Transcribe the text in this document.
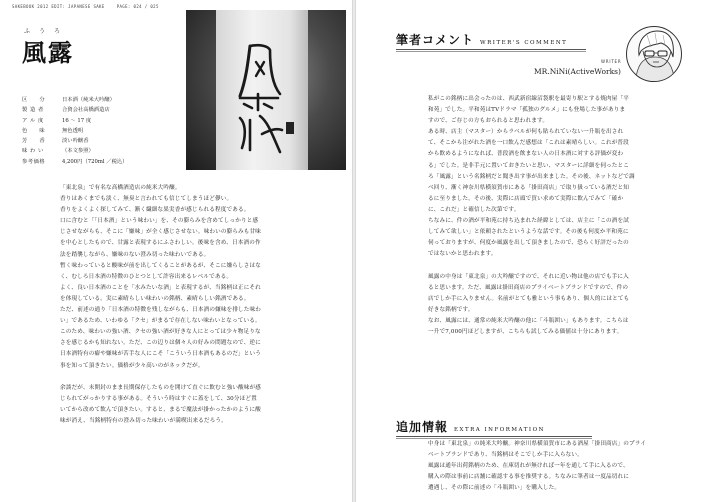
SAKEBOOK 2012 EDIT: JAPANESE SAKE	PAGE: 024 / 025
ふうろ
風露
区　分	日本酒（純米大吟醸）
製 造 者	合資会社高橋酒造店
ア ル 度	16 ～ 17 度
色　味	無色透明
芳　香	淡い吟醸香
味 わ い	（本文参照）
参考価格	4,200円（720ml ／税込）

「東北泉」で有名な高橋酒造店の純米大吟醸。

香りはあくまでも淡く、無臭と言われても信じてしまうほど儚い。

香りをよくよく探してみて、漸く繊細な果実香が感じられる程度である。

口に含むと「「日本酒」という味わい」を、その膨らみを含めてしっかりと感

じさせながらも、そこに「嫌味」が全く感じさせない。味わいの膨らみも甘味

を中心としたもので、甘露と表現するにふさわしい。後味を含め、日本酒の作

法を踏襲しながら、嫌味のない澄み切った味わいである。

暫く味わっていると酸味が前を出してくることがあるが、そこに嫌らしさはな

く、むしろ日本酒の特徴のひとつとして許容出来るレベルである。

よく、良い日本酒のことを「水みたいな酒」と表現するが、当銘柄は正にそれ

を体現している。実に素晴らしい味わいの銘柄、素晴らしい銘酒である。

ただ、前述の通り「日本酒の特徴を残しながらも、日本酒の嫌味を排した味わ

い」であるため、いわゆる「クセ」がまるで存在しない味わいとなっている。

このため、味わいの強い酒、クセの強い酒が好きな人にとっては少々物足りな

さを感じるかも知れない。ただ、この辺りは個々人の好みの問題なので、逆に

日本酒特有の癖や嫌味が苦手な人にこそ「こういう日本酒もあるのだ」という

事を知って頂きたい。価格が少々高いのがネックだが。

余談だが、未開封のまま長期保存したものを開けて直ぐに飲むと強い酸味が感

じられてがっかりする事がある。そういう時はすぐに蓋をして、30分ほど置

いてから改めて飲んで頂きたい。すると、まるで魔法が掛かったかのように酸

味が消え、当銘柄特有の澄み切った味わいが満喫出来るだろう。

筆者コメント WRITER'S COMMENT
WRITER
MR.NiNi(ActiveWorks)

私がこの銘柄に出会ったのは、西武新宿線沼袋駅を最寄り駅とする焼肉屋「平

和苑」でした。平和苑はTVドラマ「孤独のグルメ」にも登場した事がありま

すので、ご存じの方もおられると思われます。

ある時、店主（マスター）からラベルが何も貼られていない一升瓶を出され

て、そこから注がれた酒を一口飲んだ感想は「これは素晴らしい。これが普段

から飲めるようになれば、普段酒を飲まない人の日本酒に対する評価が変わ

る」でした。是非手元に置いておきたいと思い、マスターに詳細を伺ったとこ

ろ「風露」という名銘柄だと聞き出す事が出来ました。その後、ネットなどで調

べ回り、漸く神奈川県横須賀市にある「掛田商店」で取り扱っている酒だと知

るに至りました。その後、実際に店頭で買い求めて実際に飲んでみて「確か

に、これだ」と確信した次第です。

ちなみに、件の酒が平和苑に持ち込まれた経緯としては、店主に「この酒を試

してみて欲しい」と依頼されたというような話です。その後も何度か平和苑に

伺っておりますが、何度か風露を出して頂きましたので、恐らく好評だったの

ではないかと思われます。

風露の中身は「東北泉」の大吟醸ですので、それに近い物は他の店でも手に入

ると思います。ただ、風露は掛田商店のプライベートブランドですので、件の

店でしか手に入りません。名前がとても雅という事もあり、個人的にはとても

好きな銘柄です。

なお、風露には、通常の純米大吟醸の他に「斗瓶囲い」もあります。こちらは

一升で7,000円ほどしますが、こちらも試してみる価値は十分にあります。

追加情報 EXTRA INFORMATION

中身は「東北泉」の純米大吟醸。神奈川県横須賀市にある酒屋「掛田商店」のプライ

ベートブランドであり、当銘柄はそこでしか手に入らない。

風露は通年出荷銘柄のため、在庫切れが無ければ一年を通して手に入るので、

購入の際は事前に店舗に確認する事を推奨する。ちなみに筆者は一度品切れに

遭遇し、その際に前述の「斗瓶囲い」を購入した。
